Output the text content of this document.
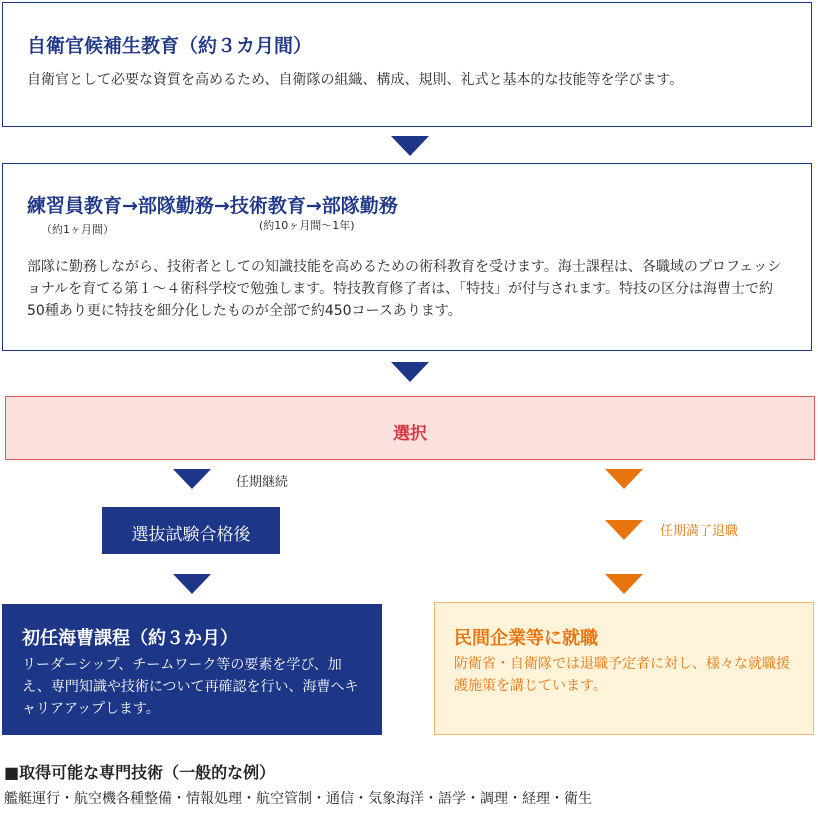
自衛官候補生教育（約３カ月間）
自衛官として必要な資質を高めるため、自衛隊の組織、構成、規則、礼式と基本的な技能等を学びます。
練習員教育→部隊勤務→技術教育→部隊勤務
（約1ヶ月間）	(約10ヶ月間〜1年)
部隊に勤務しながら、技術者としての知識技能を高めるための術科教育を受けます。海士課程は、各職域のプロフェッショナルを育てる第１〜４術科学校で勉強します。特技教育修了者は、「特技」が付与されます。特技の区分は海曹士で約50種あり更に特技を細分化したものが全部で約450コースあります。
選択
任期継続
選抜試験合格後	任期満了退職
初任海曹課程（約３か月）
リーダーシップ、チームワーク等の要素を学び、加え、専門知識や技術について再確認を行い、海曹へキャリアアップします。
民間企業等に就職
防衛省・自衛隊では退職予定者に対し、様々な就職援護施策を講じています。
■取得可能な専門技術（一般的な例）
艦艇運行・航空機各種整備・情報処理・航空管制・通信・気象海洋・語学・調理・経理・衛生
